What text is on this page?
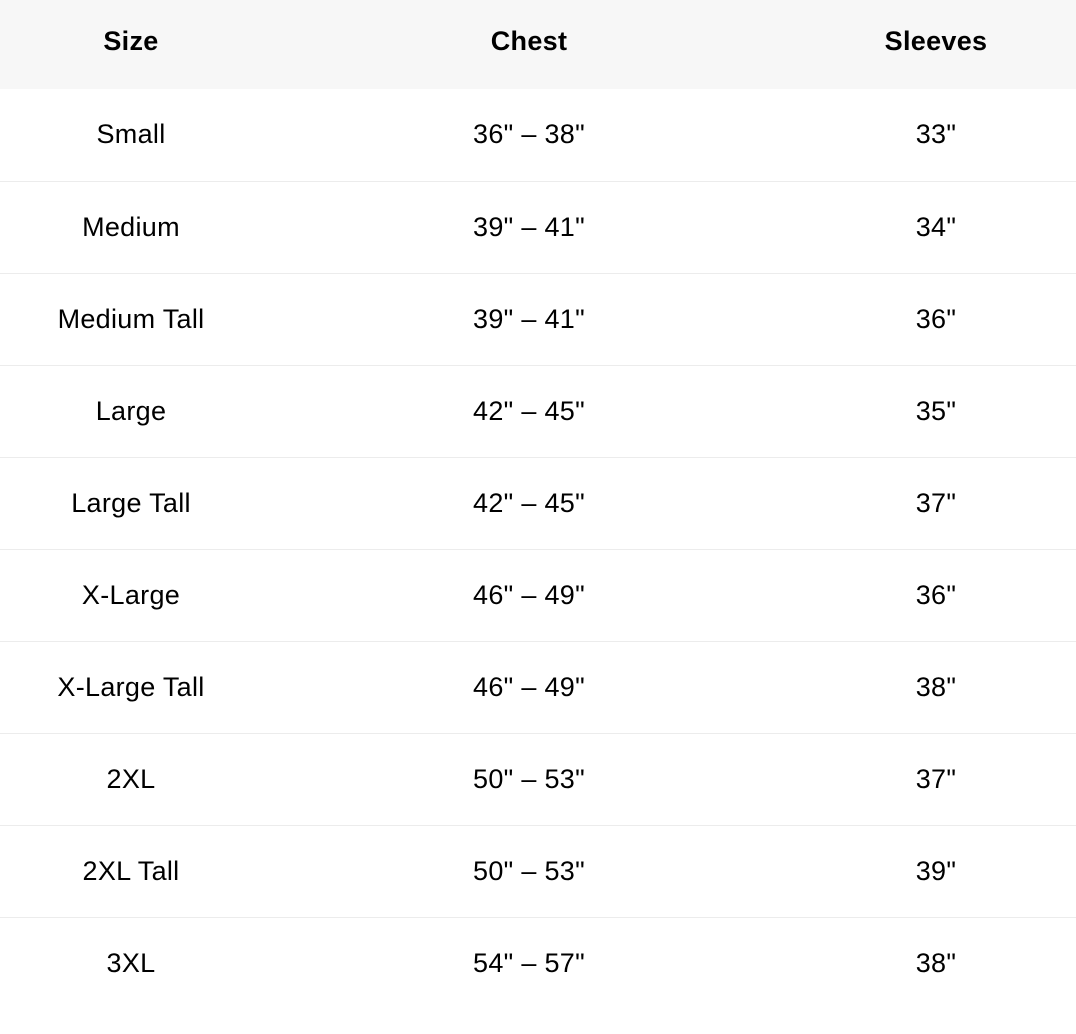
Size	Chest	Sleeves
Small	36" – 38"	33"
Medium	39" – 41"	34"
Medium Tall	39" – 41"	36"
Large	42" – 45"	35"
Large Tall	42" – 45"	37"
X-Large	46" – 49"	36"
X-Large Tall	46" – 49"	38"
2XL	50" – 53"	37"
2XL Tall	50" – 53"	39"
3XL	54" – 57"	38"
